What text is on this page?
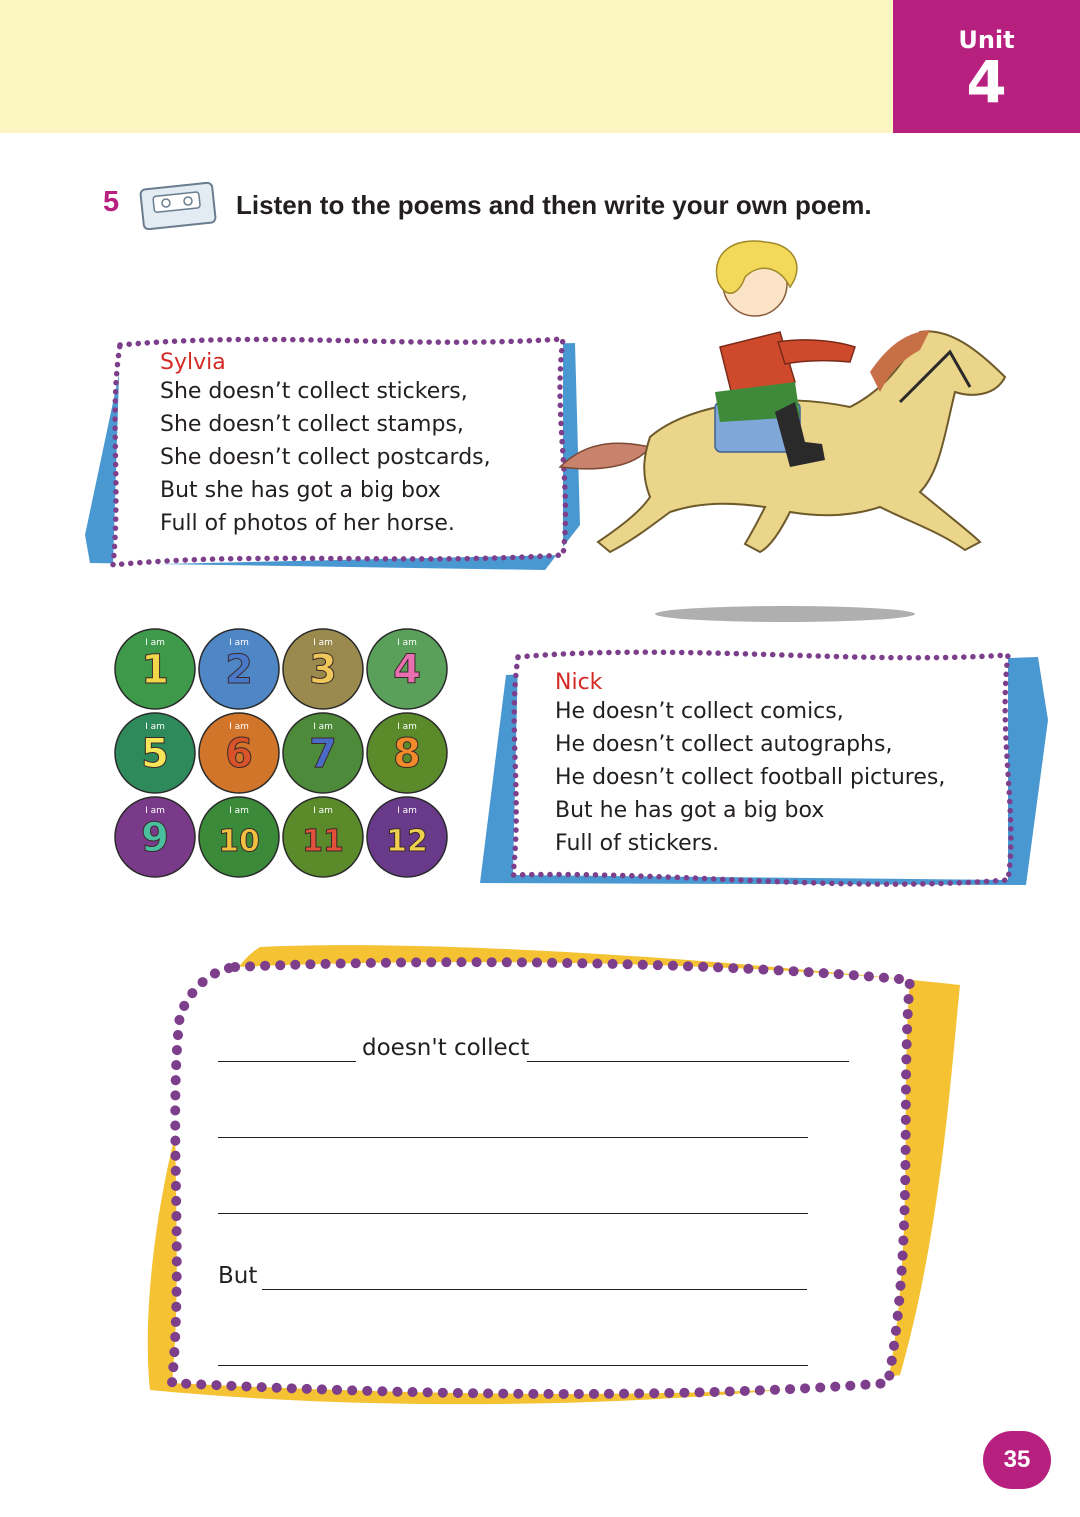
Unit
4
5	Listen to the poems and then write your own poem.
Sylvia
She doesn’t collect stickers,
She doesn’t collect stamps,
She doesn’t collect postcards,
But she has got a big box
Full of photos of her horse.
I am
1
I am
2
I am
3
I am
4
I am
5
I am
6
I am
7
I am
8
I am
9
I am
10
I am
11
I am
12
Nick
He doesn’t collect comics,
He doesn’t collect autographs,
He doesn’t collect football pictures,
But he has got a big box
Full of stickers.
doesn't collect
But
35
